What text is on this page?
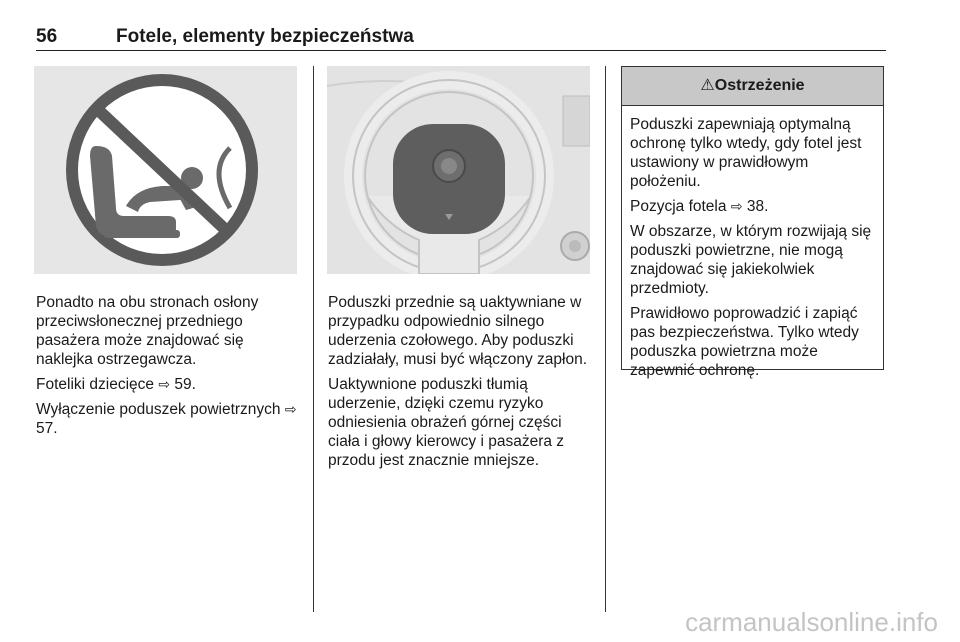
56	Fotele, elementy bezpieczeństwa

Ponadto na obu stronach osłony przeciwsłonecznej przedniego pasażera może znajdować się naklejka ostrzegawcza.

Foteliki dziecięce ⇨ 59.

Wyłączenie poduszek powietrznych ⇨ 57.

Poduszki przednie są uaktywniane w przypadku odpowiednio silnego uderzenia czołowego. Aby poduszki zadziałały, musi być włączony zapłon.

Uaktywnione poduszki tłumią uderzenie, dzięki czemu ryzyko odniesienia obrażeń górnej części ciała i głowy kierowcy i pasażera z przodu jest znacznie mniejsze.

⚠Ostrzeżenie

Poduszki zapewniają optymalną ochronę tylko wtedy, gdy fotel jest ustawiony w prawidłowym położeniu.

Pozycja fotela ⇨ 38.

W obszarze, w którym rozwijają się poduszki powietrzne, nie mogą znajdować się jakiekolwiek przedmioty.

Prawidłowo poprowadzić i zapiąć pas bezpieczeństwa. Tylko wtedy poduszka powietrzna może zapewnić ochronę.

carmanualsonline.info
